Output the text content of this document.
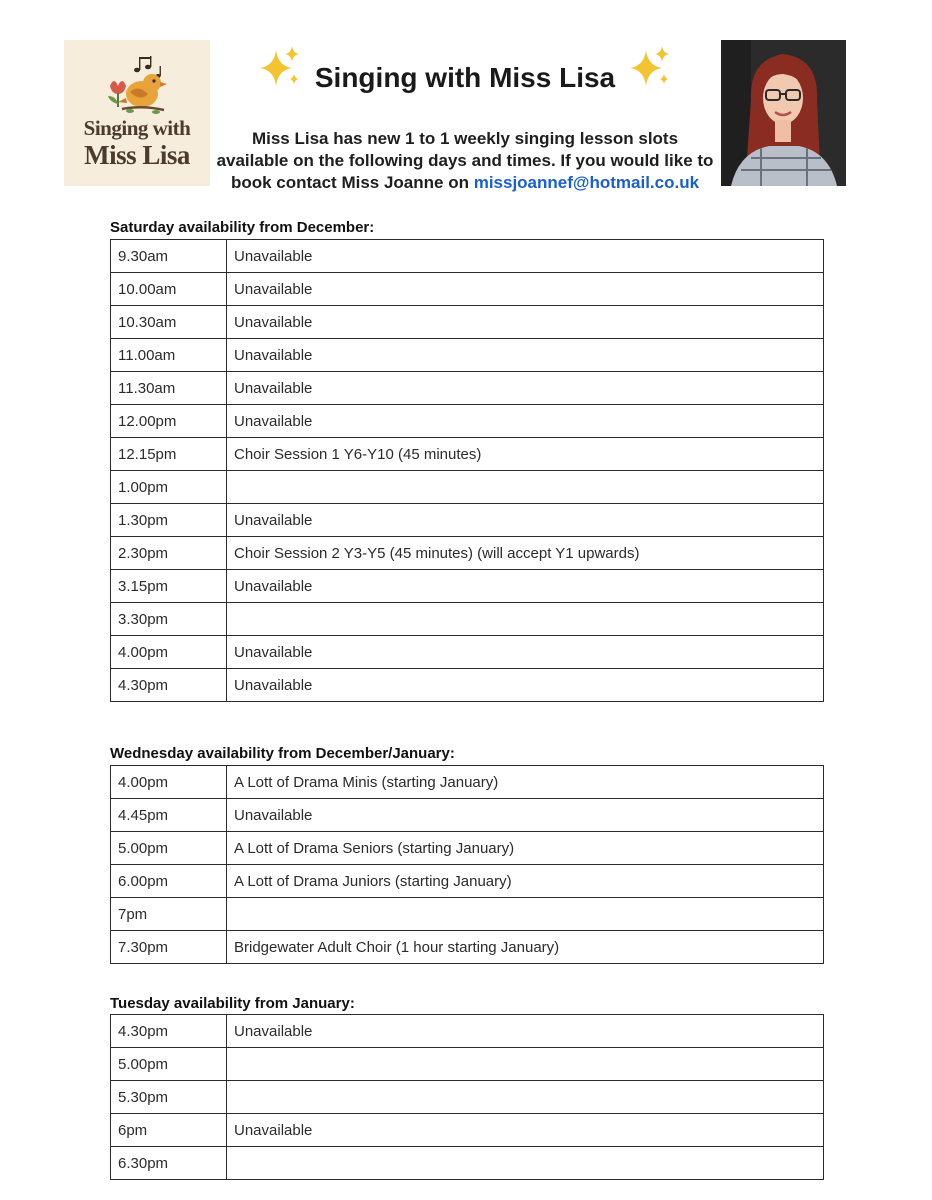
Singing with
Miss Lisa
Singing with Miss Lisa
Miss Lisa has new 1 to 1 weekly singing lesson slots available on the following days and times. If you would like to book contact Miss Joanne on missjoannef@hotmail.co.uk
Saturday availability from December:
9.30am	Unavailable
10.00am	Unavailable
10.30am	Unavailable
11.00am	Unavailable
11.30am	Unavailable
12.00pm	Unavailable
12.15pm	Choir Session 1 Y6-Y10 (45 minutes)
1.00pm	
1.30pm	Unavailable
2.30pm	Choir Session 2 Y3-Y5 (45 minutes) (will accept Y1 upwards)
3.15pm	Unavailable
3.30pm	
4.00pm	Unavailable
4.30pm	Unavailable
Wednesday availability from December/January:
4.00pm	A Lott of Drama Minis (starting January)
4.45pm	Unavailable
5.00pm	A Lott of Drama Seniors (starting January)
6.00pm	A Lott of Drama Juniors (starting January)
7pm	
7.30pm	Bridgewater Adult Choir (1 hour starting January)
Tuesday availability from January:
4.30pm	Unavailable
5.00pm	
5.30pm	
6pm	Unavailable
6.30pm	
